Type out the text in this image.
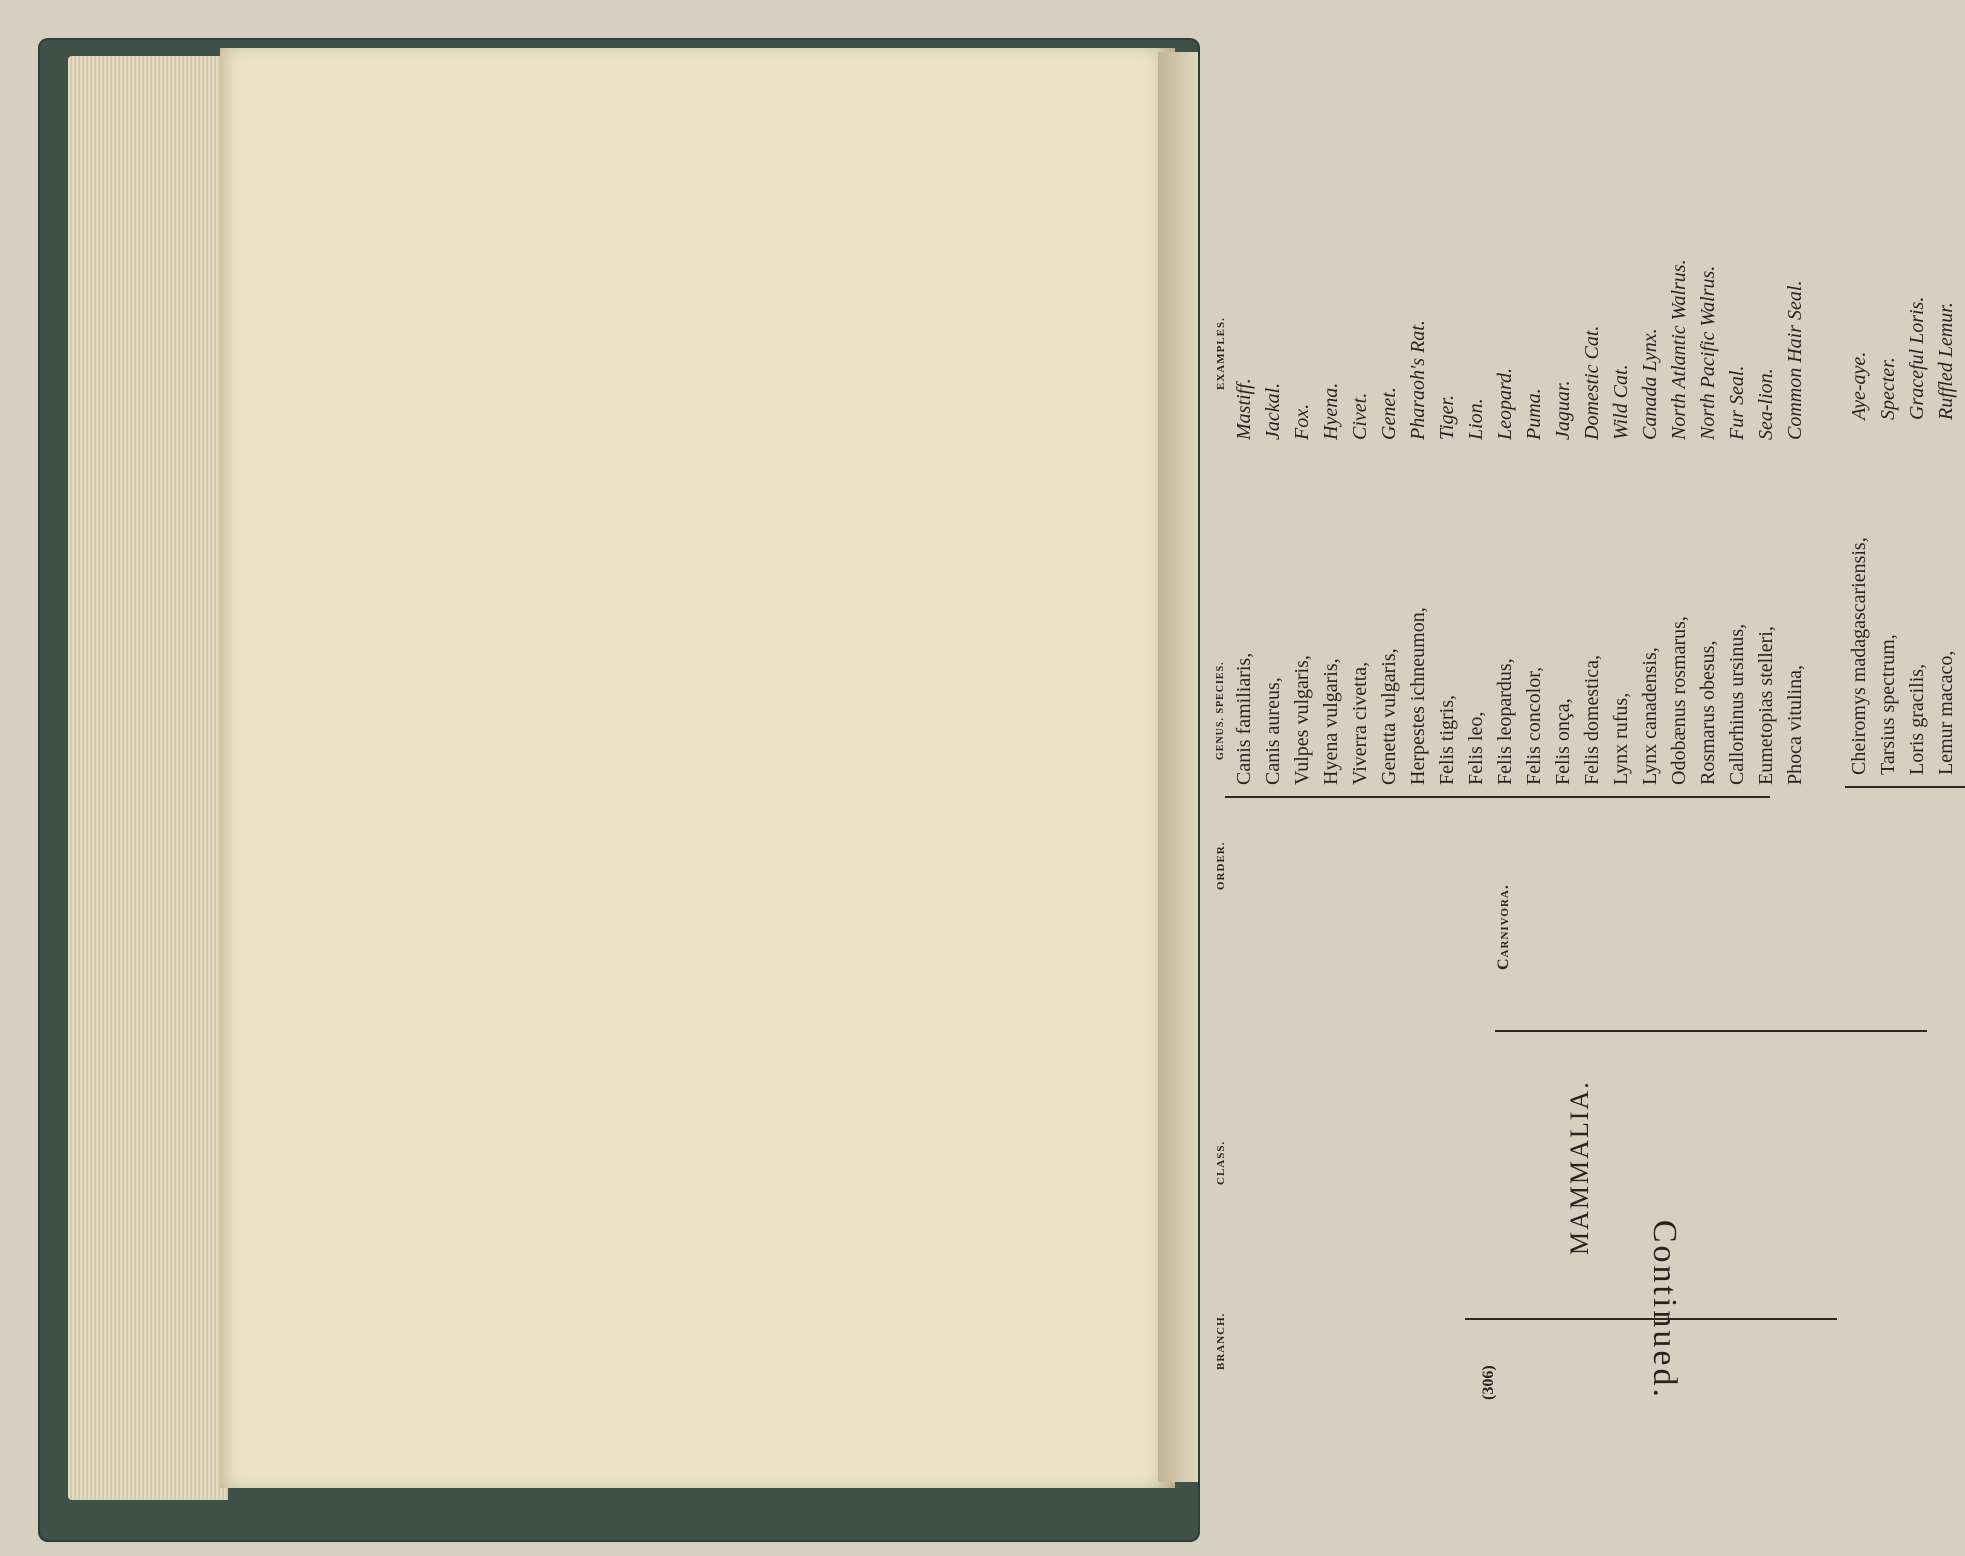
BRANCH.
CLASS.
ORDER.
GENUS. SPECIES.
EXAMPLES.
Continued.
(306)
MAMMALIA.
Carnivora.
Canis familiaris, Canis aureus, Vulpes vulgaris, Hyena vulgaris, Viverra civetta, Genetta vulgaris, Herpestes ichneumon, Felis tigris, Felis leo, Felis leopardus, Felis concolor, Felis onça, Felis domestica, Lynx rufus, Lynx canadensis, Odobænus rosmarus, Rosmarus obesus, Callorhinus ursinus, Eumetopias stelleri, Phoca vitulina,
Mastiff. Jackal. Fox. Hyena. Civet. Genet. Pharaoh's Rat. Tiger. Lion. Leopard. Puma. Jaguar. Domestic Cat. Wild Cat. Canada Lynx. North Atlantic Walrus. North Pacific Walrus. Fur Seal. Sea-lion. Common Hair Seal.
Cheiromys madagascariensis, Tarsius spectrum, Loris gracilis, Lemur macaco,
Aye-aye. Specter. Graceful Loris. Ruffled Lemur.
